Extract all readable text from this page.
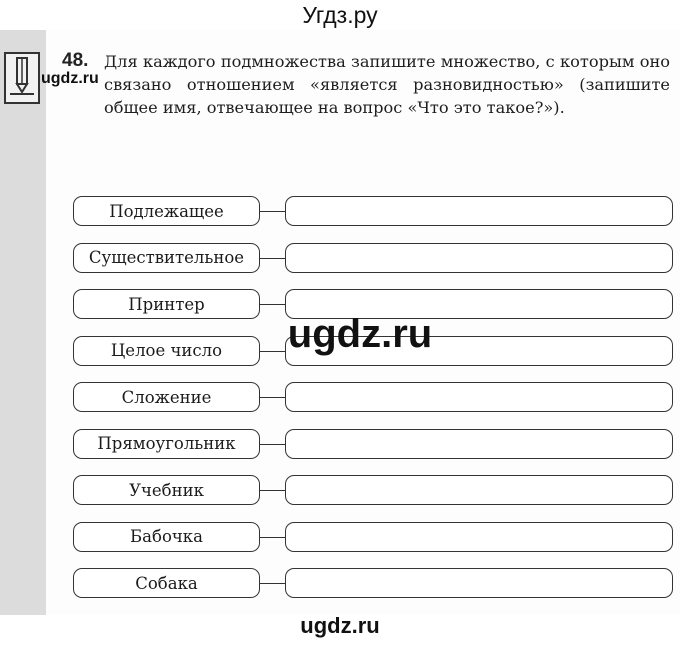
Угдз.ру
ugdz.ru
48. Для каждого подмножества запишите множество, с которым оно связано отношением «является разновидностью» (запишите общее имя, отвечающее на вопрос «Что это такое?»).
Подлежащее
Существительное
Принтер
Целое число
Сложение
Прямоугольник
Учебник
Бабочка
Собака
ugdz.ru
ugdz.ru
